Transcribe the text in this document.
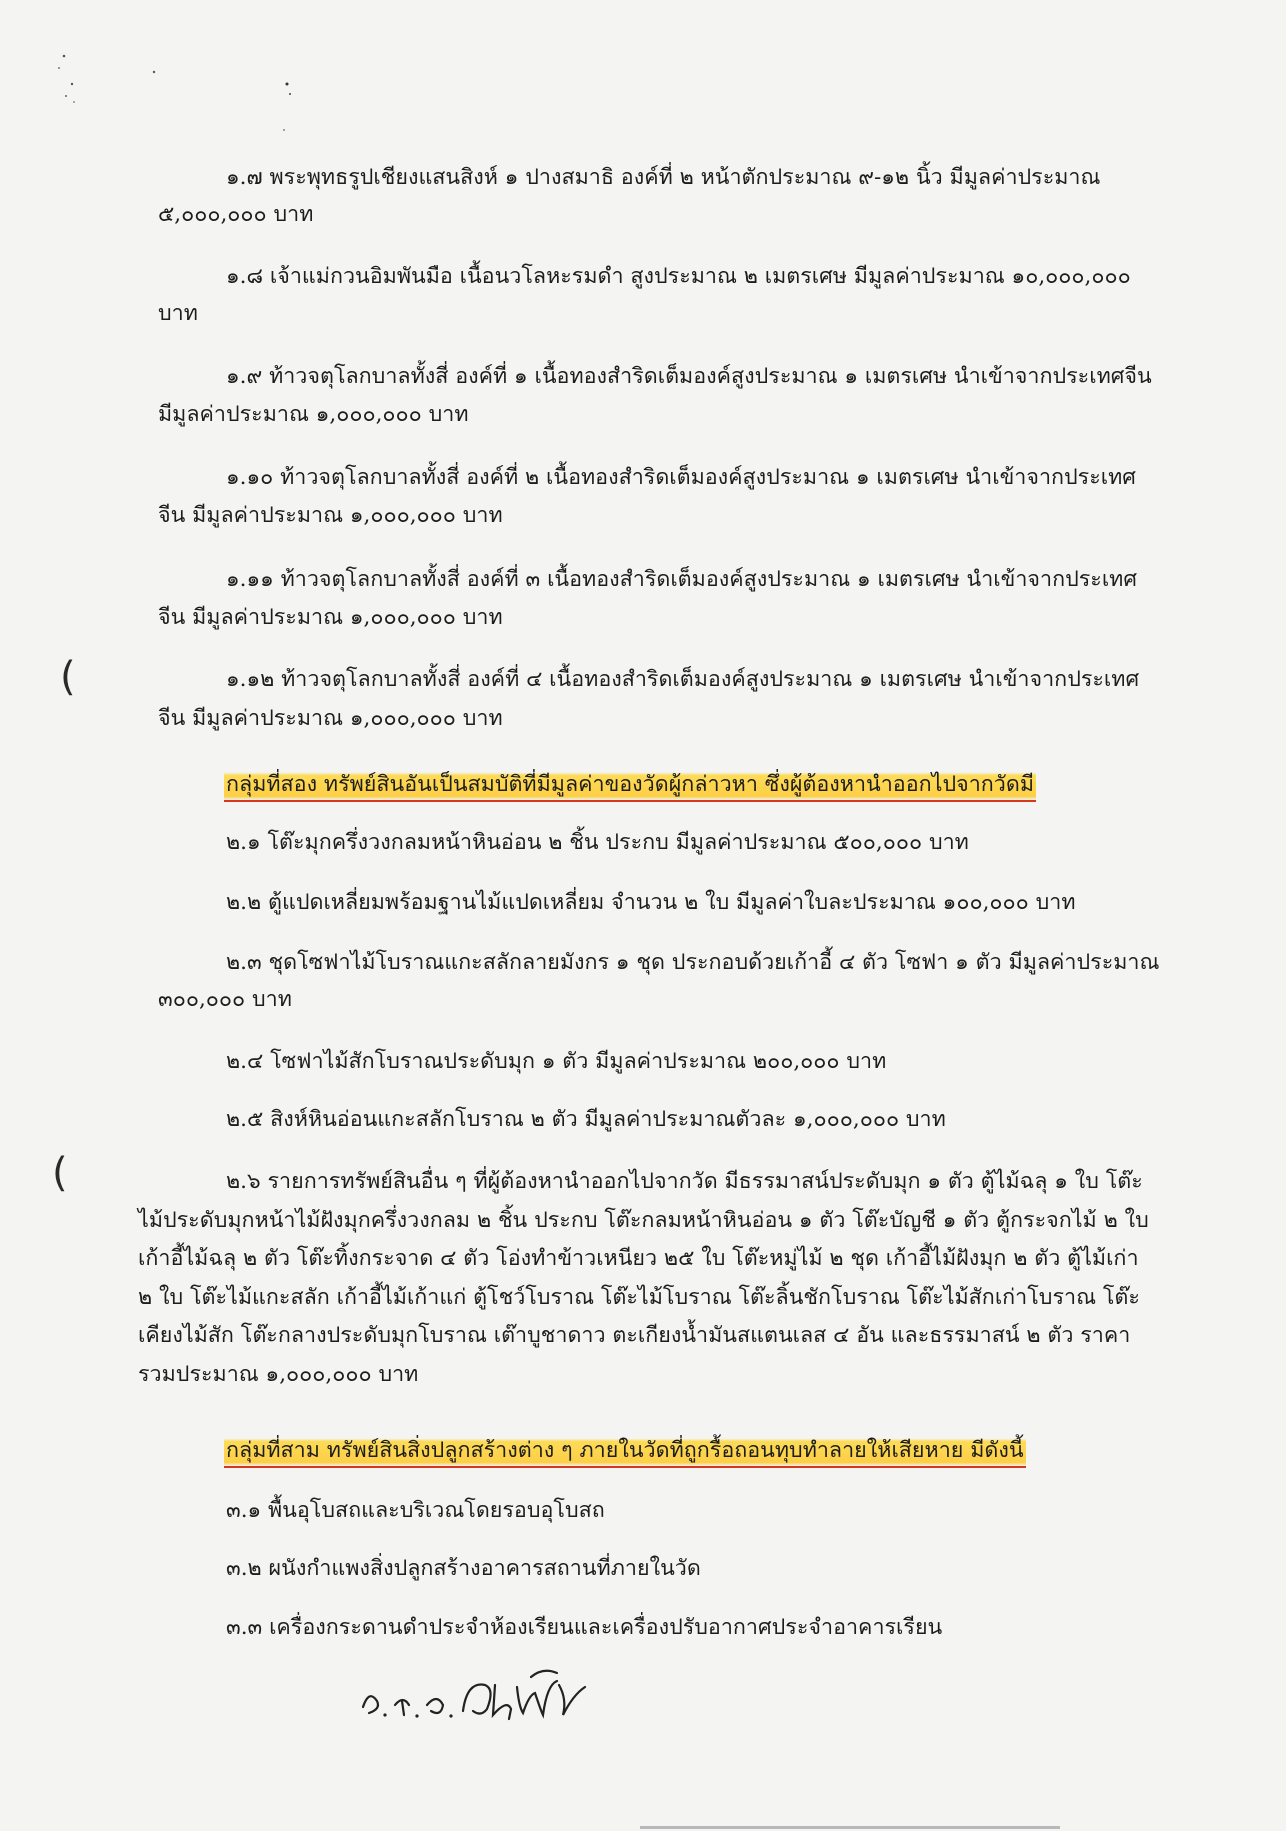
๑.๗ พระพุทธรูปเชียงแสนสิงห์ ๑ ปางสมาธิ องค์ที่ ๒ หน้าตักประมาณ ๙-๑๒ นิ้ว มีมูลค่าประมาณ
๕,๐๐๐,๐๐๐ บาท
๑.๘ เจ้าแม่กวนอิมพันมือ เนื้อนวโลหะรมดำ สูงประมาณ ๒ เมตรเศษ มีมูลค่าประมาณ ๑๐,๐๐๐,๐๐๐
บาท
๑.๙ ท้าวจตุโลกบาลทั้งสี่ องค์ที่ ๑ เนื้อทองสำริดเต็มองค์สูงประมาณ ๑ เมตรเศษ นำเข้าจากประเทศจีน
มีมูลค่าประมาณ ๑,๐๐๐,๐๐๐ บาท
๑.๑๐ ท้าวจตุโลกบาลทั้งสี่ องค์ที่ ๒ เนื้อทองสำริดเต็มองค์สูงประมาณ ๑ เมตรเศษ นำเข้าจากประเทศ
จีน มีมูลค่าประมาณ ๑,๐๐๐,๐๐๐ บาท
๑.๑๑ ท้าวจตุโลกบาลทั้งสี่ องค์ที่ ๓ เนื้อทองสำริดเต็มองค์สูงประมาณ ๑ เมตรเศษ นำเข้าจากประเทศ
จีน มีมูลค่าประมาณ ๑,๐๐๐,๐๐๐ บาท
(	๑.๑๒ ท้าวจตุโลกบาลทั้งสี่ องค์ที่ ๔ เนื้อทองสำริดเต็มองค์สูงประมาณ ๑ เมตรเศษ นำเข้าจากประเทศ
จีน มีมูลค่าประมาณ ๑,๐๐๐,๐๐๐ บาท
กลุ่มที่สอง ทรัพย์สินอันเป็นสมบัติที่มีมูลค่าของวัดผู้กล่าวหา ซึ่งผู้ต้องหานำออกไปจากวัดมี
๒.๑ โต๊ะมุกครึ่งวงกลมหน้าหินอ่อน ๒ ชิ้น ประกบ มีมูลค่าประมาณ ๕๐๐,๐๐๐ บาท
๒.๒ ตู้แปดเหลี่ยมพร้อมฐานไม้แปดเหลี่ยม จำนวน ๒ ใบ มีมูลค่าใบละประมาณ ๑๐๐,๐๐๐ บาท
๒.๓ ชุดโซฟาไม้โบราณแกะสลักลายมังกร ๑ ชุด ประกอบด้วยเก้าอี้ ๔ ตัว โซฟา ๑ ตัว มีมูลค่าประมาณ
๓๐๐,๐๐๐ บาท
๒.๔ โซฟาไม้สักโบราณประดับมุก ๑ ตัว มีมูลค่าประมาณ ๒๐๐,๐๐๐ บาท
๒.๕ สิงห์หินอ่อนแกะสลักโบราณ ๒ ตัว มีมูลค่าประมาณตัวละ ๑,๐๐๐,๐๐๐ บาท
(	๒.๖ รายการทรัพย์สินอื่น ๆ ที่ผู้ต้องหานำออกไปจากวัด มีธรรมาสน์ประดับมุก ๑ ตัว ตู้ไม้ฉลุ ๑ ใบ โต๊ะ
ไม้ประดับมุกหน้าไม้ฝังมุกครึ่งวงกลม ๒ ชิ้น ประกบ โต๊ะกลมหน้าหินอ่อน ๑ ตัว โต๊ะบัญชี ๑ ตัว ตู้กระจกไม้ ๒ ใบ เก้าอี้ไม้ฉลุ ๒ ตัว โต๊ะทิ้งกระจาด ๔ ตัว โอ่งทำข้าวเหนียว ๒๕ ใบ โต๊ะหมู่ไม้ ๒ ชุด เก้าอี้ไม้ฝังมุก ๒ ตัว ตู้ไม้เก่า ๒ ใบ โต๊ะไม้แกะสลัก เก้าอี้ไม้เก้าแก่ ตู้โชว์โบราณ โต๊ะไม้โบราณ โต๊ะลิ้นชักโบราณ โต๊ะไม้สักเก่าโบราณ โต๊ะเคียงไม้สัก โต๊ะกลางประดับมุกโบราณ เต๊าบูชาดาว ตะเกียงน้ำมันสแตนเลส ๔ อัน และธรรมาสน์ ๒ ตัว ราคารวมประมาณ ๑,๐๐๐,๐๐๐ บาท
กลุ่มที่สาม ทรัพย์สินสิ่งปลูกสร้างต่าง ๆ ภายในวัดที่ถูกรื้อถอนทุบทำลายให้เสียหาย มีดังนี้
๓.๑ พื้นอุโบสถและบริเวณโดยรอบอุโบสถ
๓.๒ ผนังกำแพงสิ่งปลูกสร้างอาคารสถานที่ภายในวัด
๓.๓ เครื่องกระดานดำประจำห้องเรียนและเครื่องปรับอากาศประจำอาคารเรียน
